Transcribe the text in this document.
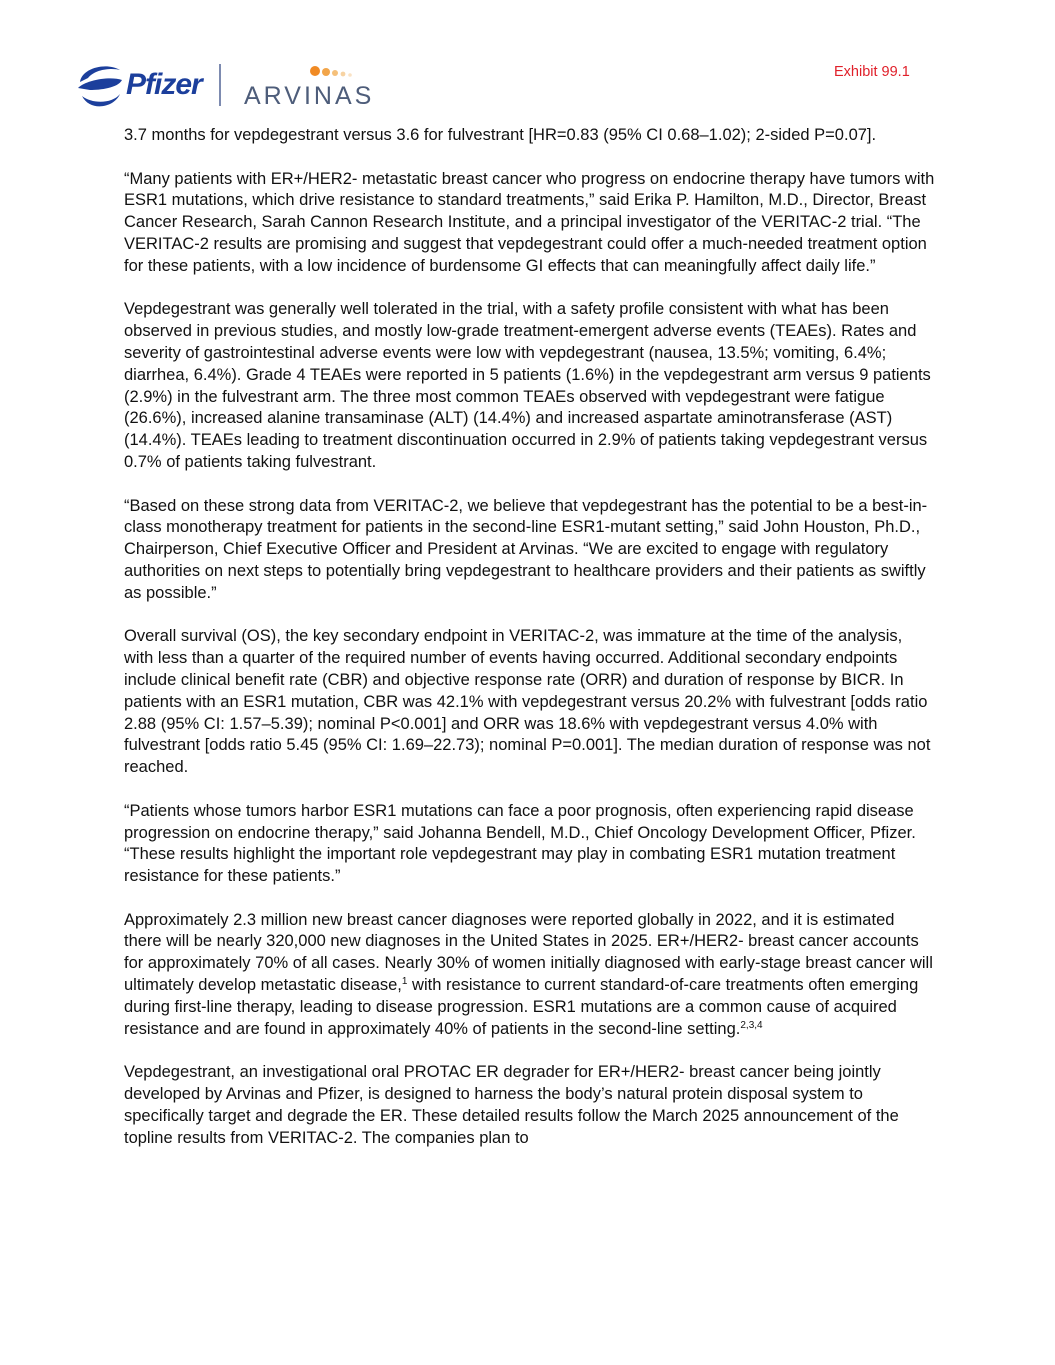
Pfizer ARVINAS
Exhibit 99.1

3.7 months for vepdegestrant versus 3.6 for fulvestrant [HR=0.83 (95% CI 0.68–1.02); 2-sided P=0.07].

“Many patients with ER+/HER2- metastatic breast cancer who progress on endocrine therapy have tumors with ESR1 mutations, which drive resistance to standard treatments,” said Erika P. Hamilton, M.D., Director, Breast Cancer Research, Sarah Cannon Research Institute, and a principal investigator of the VERITAC-2 trial. “The VERITAC-2 results are promising and suggest that vepdegestrant could offer a much-needed treatment option for these patients, with a low incidence of burdensome GI effects that can meaningfully affect daily life.”

Vepdegestrant was generally well tolerated in the trial, with a safety profile consistent with what has been observed in previous studies, and mostly low-grade treatment-emergent adverse events (TEAEs). Rates and severity of gastrointestinal adverse events were low with vepdegestrant (nausea, 13.5%; vomiting, 6.4%; diarrhea, 6.4%). Grade 4 TEAEs were reported in 5 patients (1.6%) in the vepdegestrant arm versus 9 patients (2.9%) in the fulvestrant arm. The three most common TEAEs observed with vepdegestrant were fatigue (26.6%), increased alanine transaminase (ALT) (14.4%) and increased aspartate aminotransferase (AST) (14.4%). TEAEs leading to treatment discontinuation occurred in 2.9% of patients taking vepdegestrant versus 0.7% of patients taking fulvestrant.

“Based on these strong data from VERITAC-2, we believe that vepdegestrant has the potential to be a best-in-class monotherapy treatment for patients in the second-line ESR1-mutant setting,” said John Houston, Ph.D., Chairperson, Chief Executive Officer and President at Arvinas. “We are excited to engage with regulatory authorities on next steps to potentially bring vepdegestrant to healthcare providers and their patients as swiftly as possible.”

Overall survival (OS), the key secondary endpoint in VERITAC-2, was immature at the time of the analysis, with less than a quarter of the required number of events having occurred. Additional secondary endpoints include clinical benefit rate (CBR) and objective response rate (ORR) and duration of response by BICR. In patients with an ESR1 mutation, CBR was 42.1% with vepdegestrant versus 20.2% with fulvestrant [odds ratio 2.88 (95% CI: 1.57–5.39); nominal P<0.001] and ORR was 18.6% with vepdegestrant versus 4.0% with fulvestrant [odds ratio 5.45 (95% CI: 1.69–22.73); nominal P=0.001]. The median duration of response was not reached.

“Patients whose tumors harbor ESR1 mutations can face a poor prognosis, often experiencing rapid disease progression on endocrine therapy,” said Johanna Bendell, M.D., Chief Oncology Development Officer, Pfizer. “These results highlight the important role vepdegestrant may play in combating ESR1 mutation treatment resistance for these patients.”

Approximately 2.3 million new breast cancer diagnoses were reported globally in 2022, and it is estimated there will be nearly 320,000 new diagnoses in the United States in 2025. ER+/HER2- breast cancer accounts for approximately 70% of all cases. Nearly 30% of women initially diagnosed with early-stage breast cancer will ultimately develop metastatic disease,$^1$ with resistance to current standard-of-care treatments often emerging during first-line therapy, leading to disease progression. ESR1 mutations are a common cause of acquired resistance and are found in approximately 40% of patients in the second-line setting.$^{2,3,4}$

Vepdegestrant, an investigational oral PROTAC ER degrader for ER+/HER2- breast cancer being jointly developed by Arvinas and Pfizer, is designed to harness the body’s natural protein disposal system to specifically target and degrade the ER. These detailed results follow the March 2025 announcement of the topline results from VERITAC-2. The companies plan to
